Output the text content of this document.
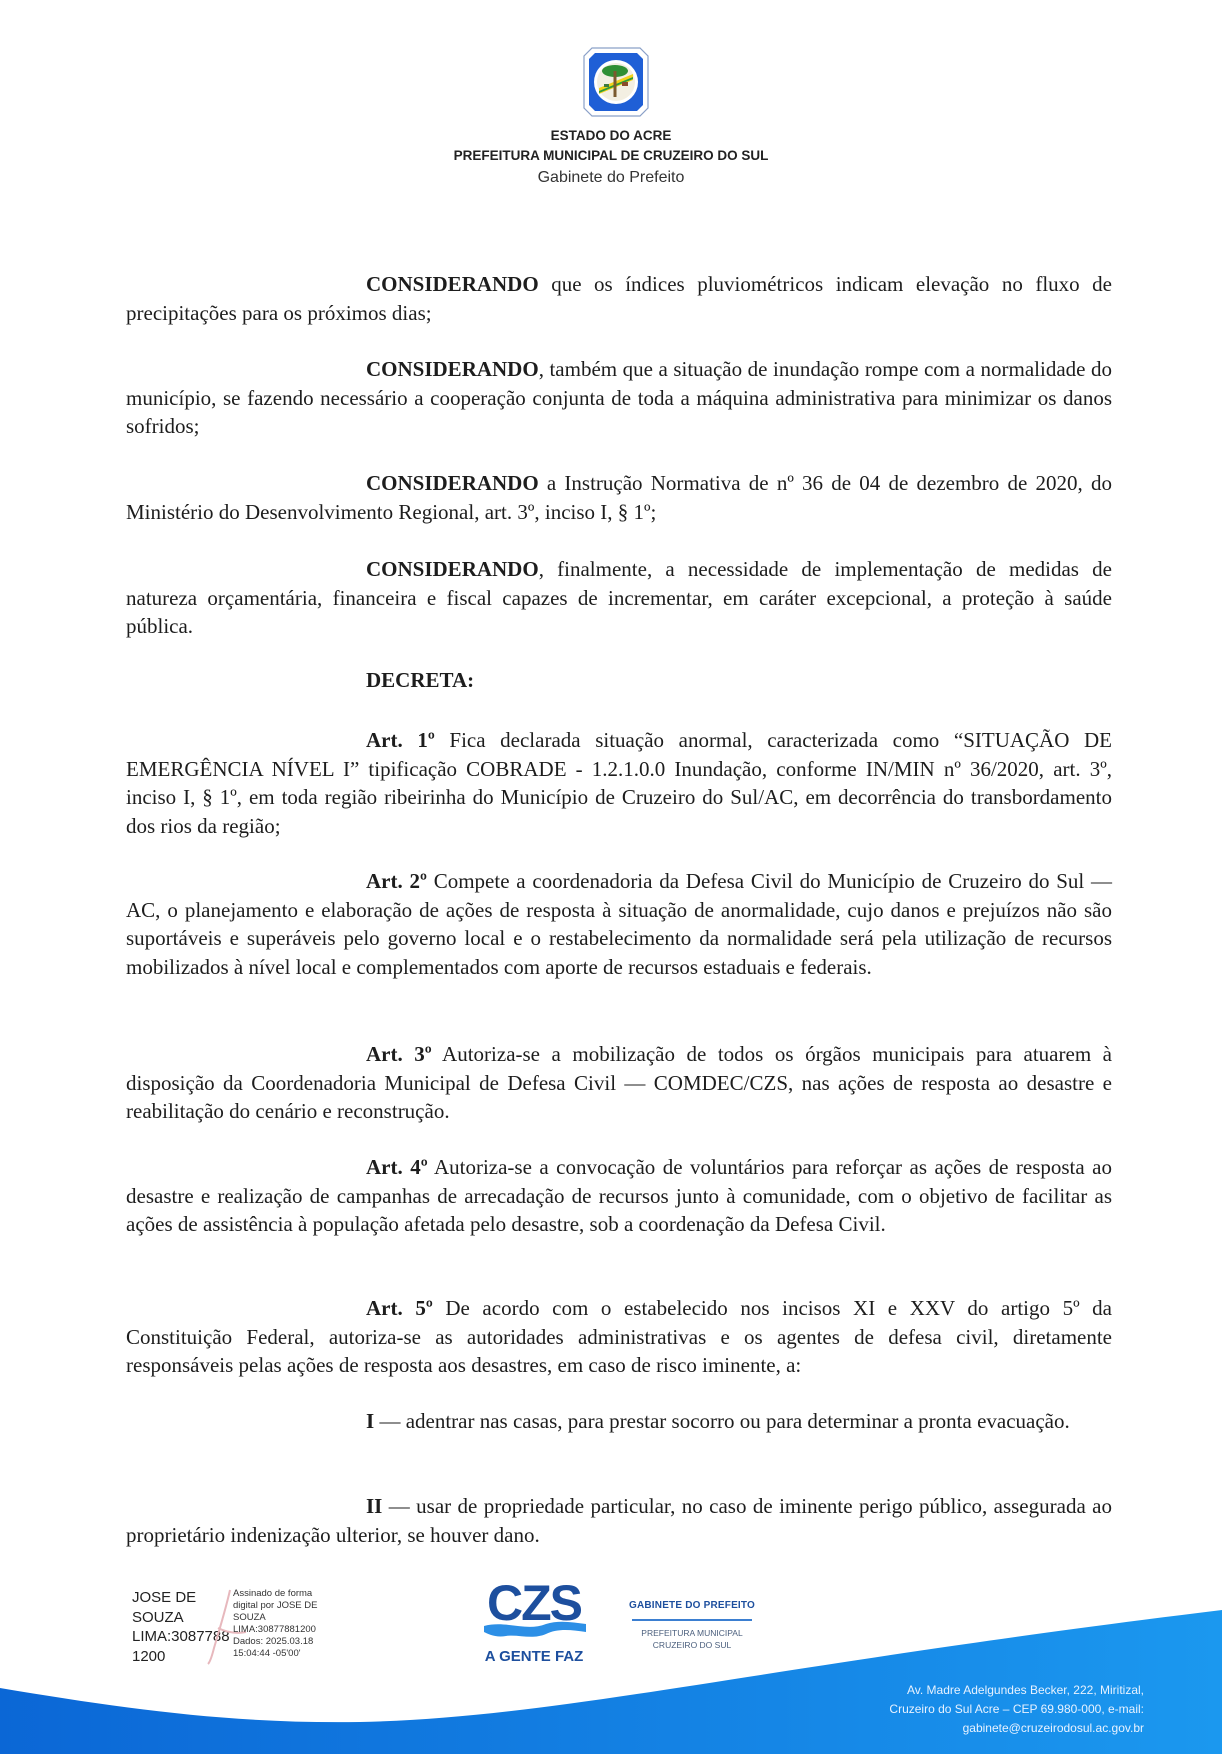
ESTADO DO ACRE
PREFEITURA MUNICIPAL DE CRUZEIRO DO SUL
Gabinete do Prefeito

CONSIDERANDO que os índices pluviométricos indicam elevação no fluxo de precipitações para os próximos dias;

CONSIDERANDO, também que a situação de inundação rompe com a normalidade do município, se fazendo necessário a cooperação conjunta de toda a máquina administrativa para minimizar os danos sofridos;

CONSIDERANDO a Instrução Normativa de nº 36 de 04 de dezembro de 2020, do Ministério do Desenvolvimento Regional, art. 3º, inciso I, § 1º;

CONSIDERANDO, finalmente, a necessidade de implementação de medidas de natureza orçamentária, financeira e fiscal capazes de incrementar, em caráter excepcional, a proteção à saúde pública.

DECRETA:

Art. 1º Fica declarada situação anormal, caracterizada como “SITUAÇÃO DE EMERGÊNCIA NÍVEL I” tipificação COBRADE - 1.2.1.0.0 Inundação, conforme IN/MIN nº 36/2020, art. 3º, inciso I, § 1º, em toda região ribeirinha do Município de Cruzeiro do Sul/AC, em decorrência do transbordamento dos rios da região;

Art. 2º Compete a coordenadoria da Defesa Civil do Município de Cruzeiro do Sul — AC, o planejamento e elaboração de ações de resposta à situação de anormalidade, cujo danos e prejuízos não são suportáveis e superáveis pelo governo local e o restabelecimento da normalidade será pela utilização de recursos mobilizados à nível local e complementados com aporte de recursos estaduais e federais.

Art. 3º Autoriza-se a mobilização de todos os órgãos municipais para atuarem à disposição da Coordenadoria Municipal de Defesa Civil — COMDEC/CZS, nas ações de resposta ao desastre e reabilitação do cenário e reconstrução.

Art. 4º Autoriza-se a convocação de voluntários para reforçar as ações de resposta ao desastre e realização de campanhas de arrecadação de recursos junto à comunidade, com o objetivo de facilitar as ações de assistência à população afetada pelo desastre, sob a coordenação da Defesa Civil.

Art. 5º De acordo com o estabelecido nos incisos XI e XXV do artigo 5º da Constituição Federal, autoriza-se as autoridades administrativas e os agentes de defesa civil, diretamente responsáveis pelas ações de resposta aos desastres, em caso de risco iminente, a:

I — adentrar nas casas, para prestar socorro ou para determinar a pronta evacuação.

II — usar de propriedade particular, no caso de iminente perigo público, assegurada ao proprietário indenização ulterior, se houver dano.

JOSE DE
SOUZA
LIMA:3087788
1200
Assinado de forma
digital por JOSE DE
SOUZA
LIMA:30877881200
Dados: 2025.03.18
15:04:44 -05'00'
CZS
A GENTE FAZ
GABINETE DO PREFEITO
PREFEITURA MUNICIPAL
CRUZEIRO DO SUL
Av. Madre Adelgundes Becker, 222, Miritizal,
Cruzeiro do Sul Acre – CEP 69.980-000, e-mail:
gabinete@cruzeirodosul.ac.gov.br
